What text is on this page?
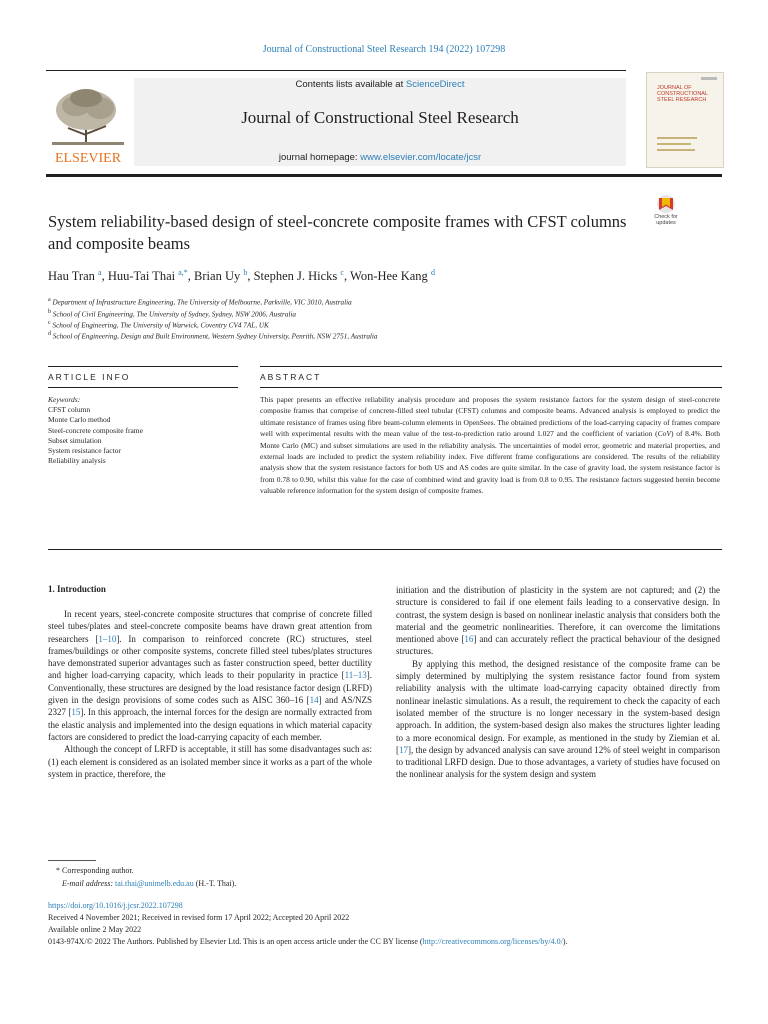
Journal of Constructional Steel Research 194 (2022) 107298
ELSEVIER
Contents lists available at ScienceDirect
Journal of Constructional Steel Research
journal homepage: www.elsevier.com/locate/jcsr
JOURNAL OF CONSTRUCTIONAL STEEL RESEARCH
Check for updates
System reliability-based design of steel-concrete composite frames with CFST columns and composite beams
Hau Tran $^a$, Huu-Tai Thai $^{a,*}$, Brian Uy $^b$, Stephen J. Hicks $^c$, Won-Hee Kang $^d$
$^a$ Department of Infrastructure Engineering, The University of Melbourne, Parkville, VIC 3010, Australia
$^b$ School of Civil Engineering, The University of Sydney, Sydney, NSW 2006, Australia
$^c$ School of Engineering, The University of Warwick, Coventry CV4 7AL, UK
$^d$ School of Engineering, Design and Built Environment, Western Sydney University, Penrith, NSW 2751, Australia
ARTICLE INFO	ABSTRACT
Keywords:
CFST column
Monte Carlo method
Steel-concrete composite frame
Subset simulation
System resistance factor
Reliability analysis
This paper presents an effective reliability analysis procedure and proposes the system resistance factors for the system design of steel-concrete composite frames that comprise of concrete-filled steel tubular (CFST) columns and composite beams. Advanced analysis is employed to predict the ultimate resistance of frames using fibre beam-column elements in OpenSees. The obtained predictions of the load-carrying capacity of frames compare well with experimental results with the mean value of the test-to-prediction ratio around 1.027 and the coefficient of variation (CoV) of 8.4%. Both Monte Carlo (MC) and subset simulations are used in the reliability analysis. The uncertainties of model error, geometric and material properties, and external loads are included to predict the system reliability index. Five different frame configurations are considered. The results of the reliability analysis show that the system resistance factors for both US and AS codes are quite similar. In the case of gravity load, the system resistance factor is from 0.78 to 0.90, whilst this value for the case of combined wind and gravity load is from 0.8 to 0.95. The resistance factors suggested herein become valuable reference information for the system design of composite frames.
1. Introduction

In recent years, steel-concrete composite structures that comprise of concrete filled steel tubes/plates and steel-concrete composite beams have drawn great attention from researchers [1–10]. In comparison to reinforced concrete (RC) structures, steel frames/buildings or other composite systems, concrete filled steel tubes/plates structures have demonstrated superior advantages such as faster construction speed, better ductility and higher load-carrying capacity, which leads to their popularity in practice [11–13]. Conventionally, these structures are designed by the load resistance factor design (LRFD) given in the design provisions of some codes such as AISC 360–16 [14] and AS/NZS 2327 [15]. In this approach, the internal forces for the design are normally extracted from the elastic analysis and implemented into the design equations in which material capacity factors are considered to predict the load-carrying capacity of each member.

Although the concept of LRFD is acceptable, it still has some disadvantages such as: (1) each element is considered as an isolated member since it works as a part of the whole system in practice, therefore, the

initiation and the distribution of plasticity in the system are not captured; and (2) the structure is considered to fail if one element fails leading to a conservative design. In contrast, the system design is based on nonlinear inelastic analysis that considers both the material and the geometric nonlinearities. Therefore, it can overcome the limitations mentioned above [16] and can accurately reflect the practical behaviour of the designed structures.

By applying this method, the designed resistance of the composite frame can be simply determined by multiplying the system resistance factor found from system reliability analysis with the ultimate load-carrying capacity obtained directly from nonlinear inelastic simulations. As a result, the requirement to check the capacity of each isolated member of the structure is no longer necessary in the system-based design approach. In addition, the system-based design also makes the structures lighter leading to a more economical design. For example, as mentioned in the study by Ziemian et al. [17], the design by advanced analysis can save around 12% of steel weight in comparison to traditional LRFD design. Due to those advantages, a variety of studies have focused on the nonlinear analysis for the system design and system

* Corresponding author.
E-mail address: tai.thai@unimelb.edu.au (H.-T. Thai).
https://doi.org/10.1016/j.jcsr.2022.107298
Received 4 November 2021; Received in revised form 17 April 2022; Accepted 20 April 2022
Available online 2 May 2022
0143-974X/© 2022 The Authors. Published by Elsevier Ltd. This is an open access article under the CC BY license (http://creativecommons.org/licenses/by/4.0/).
